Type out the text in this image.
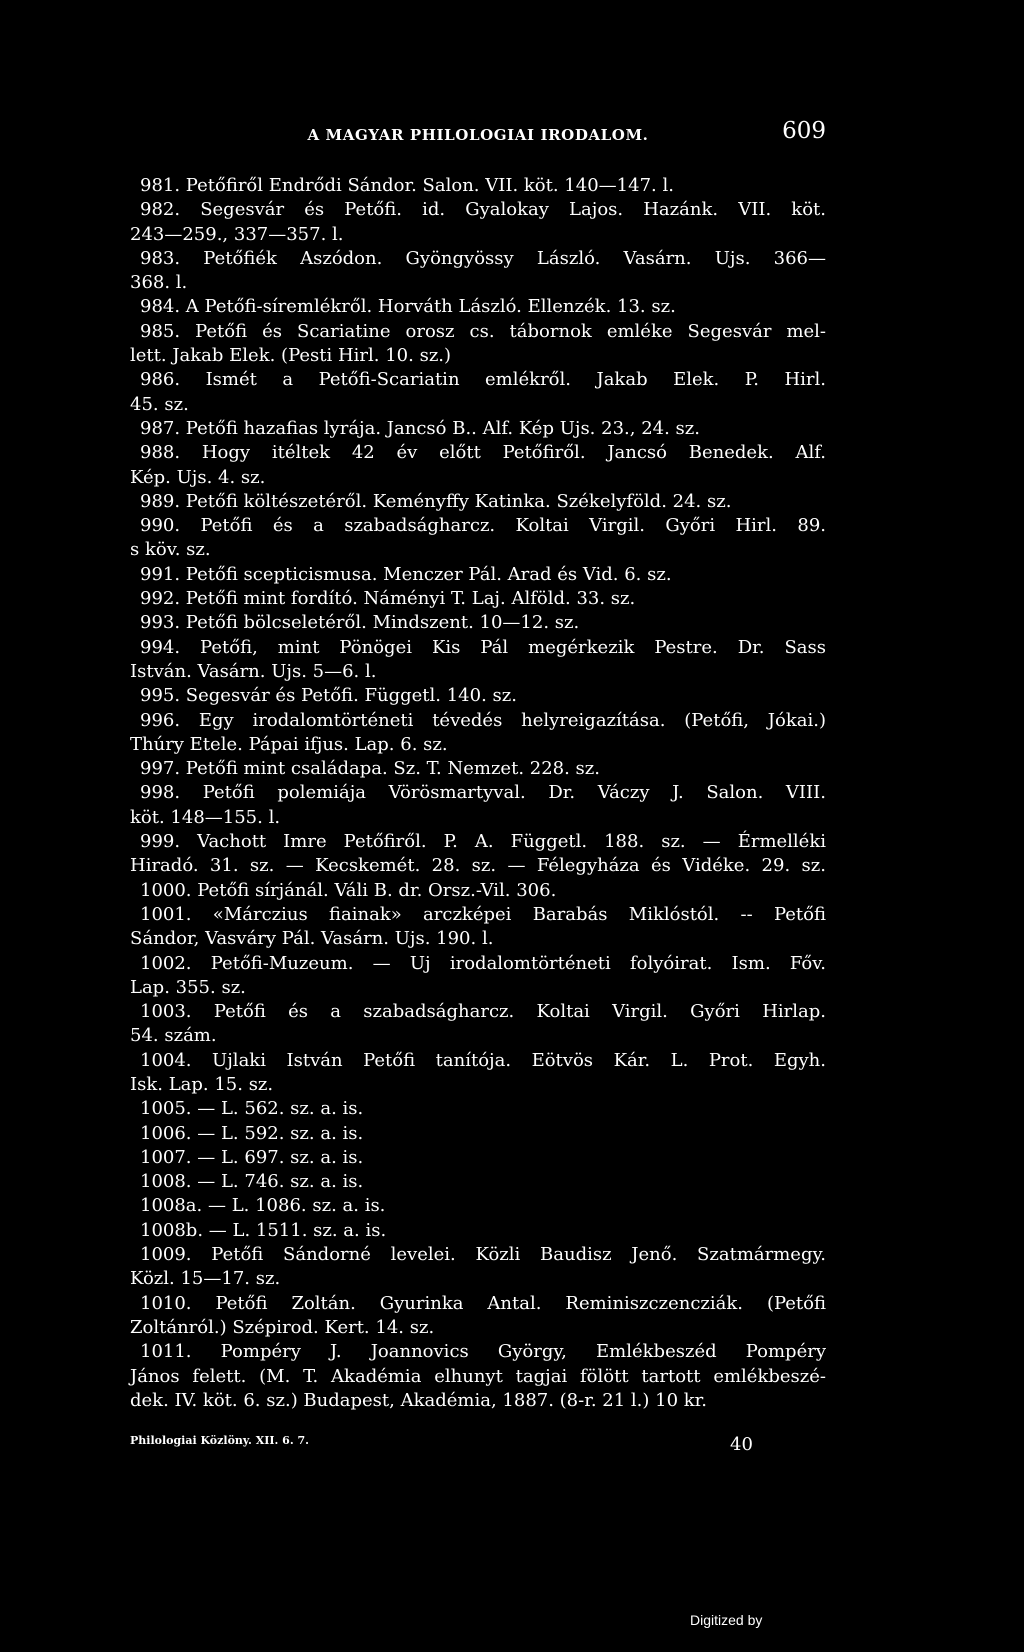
A MAGYAR PHILOLOGIAI IRODALOM.	609
981. Petőfiről Endrődi Sándor. Salon. VII. köt. 140—147. l.
982. Segesvár és Petőfi. id. Gyalokay Lajos. Hazánk. VII. köt.
243—259., 337—357. l.
983. Petőfiék Aszódon. Gyöngyössy László. Vasárn. Ujs. 366—
368. l.
984. A Petőfi-síremlékről. Horváth László. Ellenzék. 13. sz.
985. Petőfi és Scariatine orosz cs. tábornok emléke Segesvár mel-
lett. Jakab Elek. (Pesti Hirl. 10. sz.)
986. Ismét a Petőfi-Scariatin emlékről. Jakab Elek. P. Hirl.
45. sz.
987. Petőfi hazafias lyrája. Jancsó B.. Alf. Kép Ujs. 23., 24. sz.
988. Hogy itéltek 42 év előtt Petőfiről. Jancsó Benedek. Alf.
Kép. Ujs. 4. sz.
989. Petőfi költészetéről. Keményffy Katinka. Székelyföld. 24. sz.
990. Petőfi és a szabadságharcz. Koltai Virgil. Győri Hirl. 89.
s köv. sz.
991. Petőfi scepticismusa. Menczer Pál. Arad és Vid. 6. sz.
992. Petőfi mint fordító. Náményi T. Laj. Alföld. 33. sz.
993. Petőfi bölcseletéről. Mindszent. 10—12. sz.
994. Petőfi, mint Pönögei Kis Pál megérkezik Pestre. Dr. Sass
István. Vasárn. Ujs. 5—6. l.
995. Segesvár és Petőfi. Függetl. 140. sz.
996. Egy irodalomtörténeti tévedés helyreigazítása. (Petőfi, Jókai.)
Thúry Etele. Pápai ifjus. Lap. 6. sz.
997. Petőfi mint családapa. Sz. T. Nemzet. 228. sz.
998. Petőfi polemiája Vörösmartyval. Dr. Váczy J. Salon. VIII.
köt. 148—155. l.
999. Vachott Imre Petőfiről. P. A. Függetl. 188. sz. — Érmelléki
Hiradó. 31. sz. — Kecskemét. 28. sz. — Félegyháza és Vidéke. 29. sz.
1000. Petőfi sírjánál. Váli B. dr. Orsz.-Vil. 306.
1001. «Márczius fiainak» arczképei Barabás Miklóstól. -- Petőfi
Sándor, Vasváry Pál. Vasárn. Ujs. 190. l.
1002. Petőfi-Muzeum. — Uj irodalomtörténeti folyóirat. Ism. Főv.
Lap. 355. sz.
1003. Petőfi és a szabadságharcz. Koltai Virgil. Győri Hirlap.
54. szám.
1004. Ujlaki István Petőfi tanítója. Eötvös Kár. L. Prot. Egyh.
Isk. Lap. 15. sz.
1005. — L. 562. sz. a. is.
1006. — L. 592. sz. a. is.
1007. — L. 697. sz. a. is.
1008. — L. 746. sz. a. is.
1008a. — L. 1086. sz. a. is.
1008b. — L. 1511. sz. a. is.
1009. Petőfi Sándorné levelei. Közli Baudisz Jenő. Szatmármegy.
Közl. 15—17. sz.
1010. Petőfi Zoltán. Gyurinka Antal. Reminiszczencziák. (Petőfi
Zoltánról.) Szépirod. Kert. 14. sz.
1011. Pompéry J. Joannovics György, Emlékbeszéd Pompéry
János felett. (M. T. Akadémia elhunyt tagjai fölött tartott emlékbeszé-
dek. IV. köt. 6. sz.) Budapest, Akadémia, 1887. (8-r. 21 l.) 10 kr.
Philologiai Közlöny. XII. 6. 7.	40
Digitized by
